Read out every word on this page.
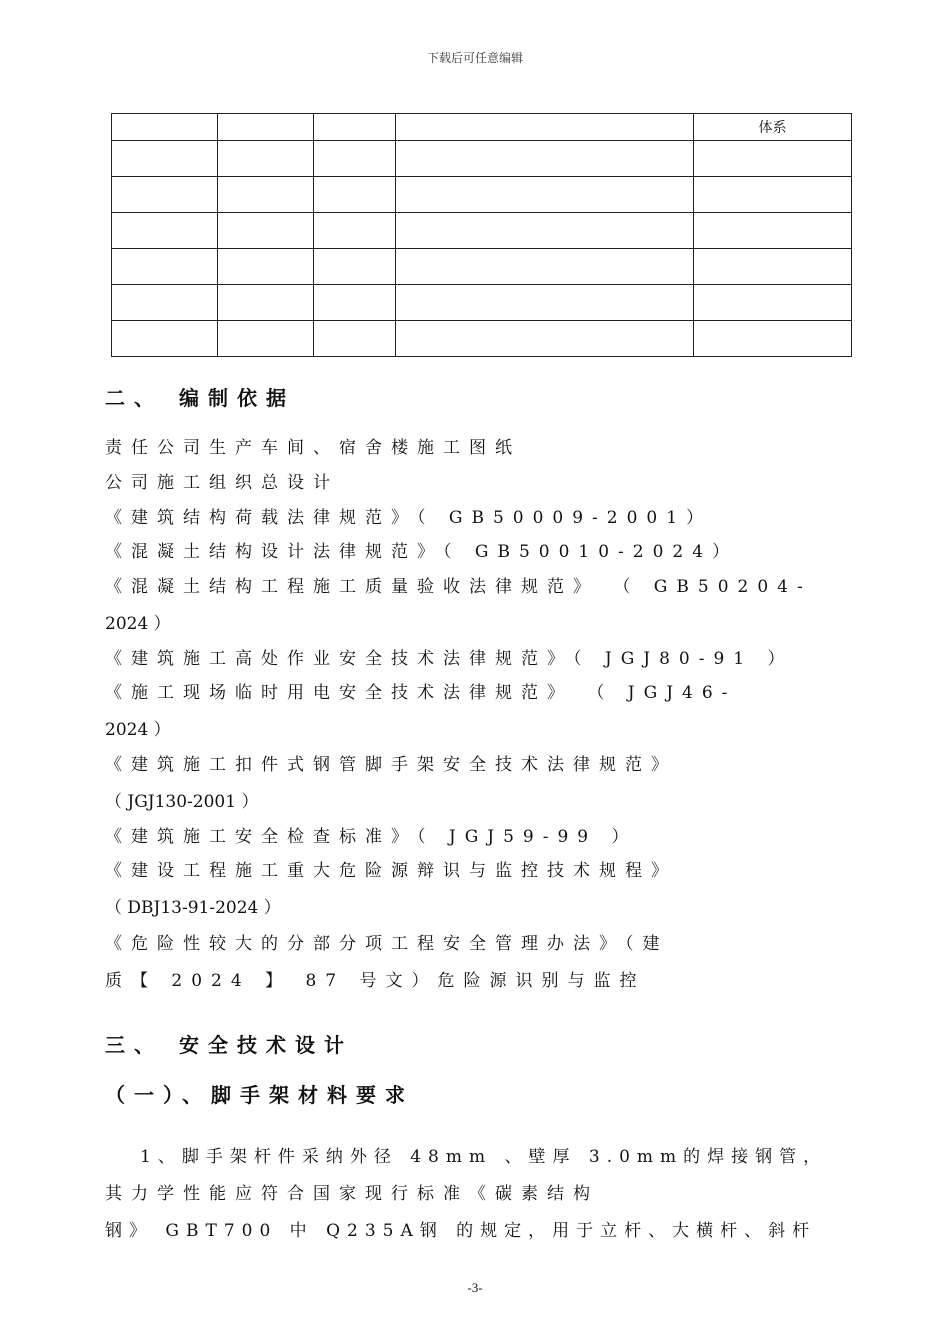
下载后可任意编辑
				体系

二、 编制依据
责任公司生产车间、宿舍楼施工图纸
公司施工组织总设计
《建筑结构荷载法律规范》（ GB50009-2001）
《混凝土结构设计法律规范》（ GB50010-2024）
《混凝土结构工程施工质量验收法律规范》 （ GB50204-
2024 ）
《建筑施工高处作业安全技术法律规范》（ JGJ80-91 ）
《施工现场临时用电安全技术法律规范》 （ JGJ46-
2024 ）
《建筑施工扣件式钢管脚手架安全技术法律规范》
（ JGJ130-2001 ）
《建筑施工安全检查标准》（ JGJ59-99 ）
《建设工程施工重大危险源辩识与监控技术规程》
（ DBJ13-91-2024 ）
《危险性较大的分部分项工程安全管理办法》（建
质【 2024 】 87 号文）危险源识别与监控
三、 安全技术设计
（一）、脚手架材料要求
1、脚手架杆件采纳外径 48mm 、壁厚 3.0mm的焊接钢管，
其力学性能应符合国家现行标准《碳素结构
钢》 GBT700 中 Q235A钢 的规定，用于立杆、大横杆、斜杆
-3-
